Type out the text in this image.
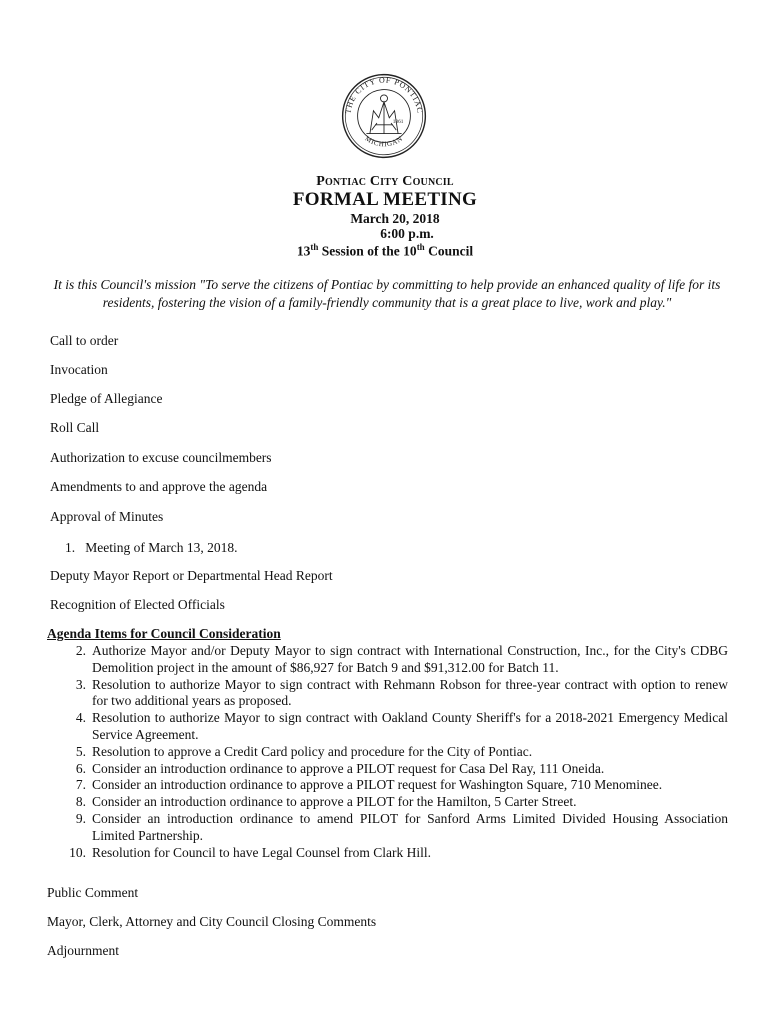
THE CITY OF PONTIAC
MICHIGAN
1861
Pontiac City Council
FORMAL MEETING
March 20, 2018
6:00 p.m.
13th Session of the 10th Council
It is this Council's mission "To serve the citizens of Pontiac by committing to help provide an enhanced quality of life for its residents, fostering the vision of a family-friendly community that is a great place to live, work and play."
Call to order
Invocation
Pledge of Allegiance
Roll Call
Authorization to excuse councilmembers
Amendments to and approve the agenda
Approval of Minutes
1. Meeting of March 13, 2018.
Deputy Mayor Report or Departmental Head Report
Recognition of Elected Officials
Agenda Items for Council Consideration
2. Authorize Mayor and/or Deputy Mayor to sign contract with International Construction, Inc., for the City's CDBG Demolition project in the amount of $86,927 for Batch 9 and $91,312.00 for Batch 11.
3. Resolution to authorize Mayor to sign contract with Rehmann Robson for three-year contract with option to renew for two additional years as proposed.
4. Resolution to authorize Mayor to sign contract with Oakland County Sheriff's for a 2018-2021 Emergency Medical Service Agreement.
5. Resolution to approve a Credit Card policy and procedure for the City of Pontiac.
6. Consider an introduction ordinance to approve a PILOT request for Casa Del Ray, 111 Oneida.
7. Consider an introduction ordinance to approve a PILOT request for Washington Square, 710 Menominee.
8. Consider an introduction ordinance to approve a PILOT for the Hamilton, 5 Carter Street.
9. Consider an introduction ordinance to amend PILOT for Sanford Arms Limited Divided Housing Association Limited Partnership.
10. Resolution for Council to have Legal Counsel from Clark Hill.
Public Comment
Mayor, Clerk, Attorney and City Council Closing Comments
Adjournment
